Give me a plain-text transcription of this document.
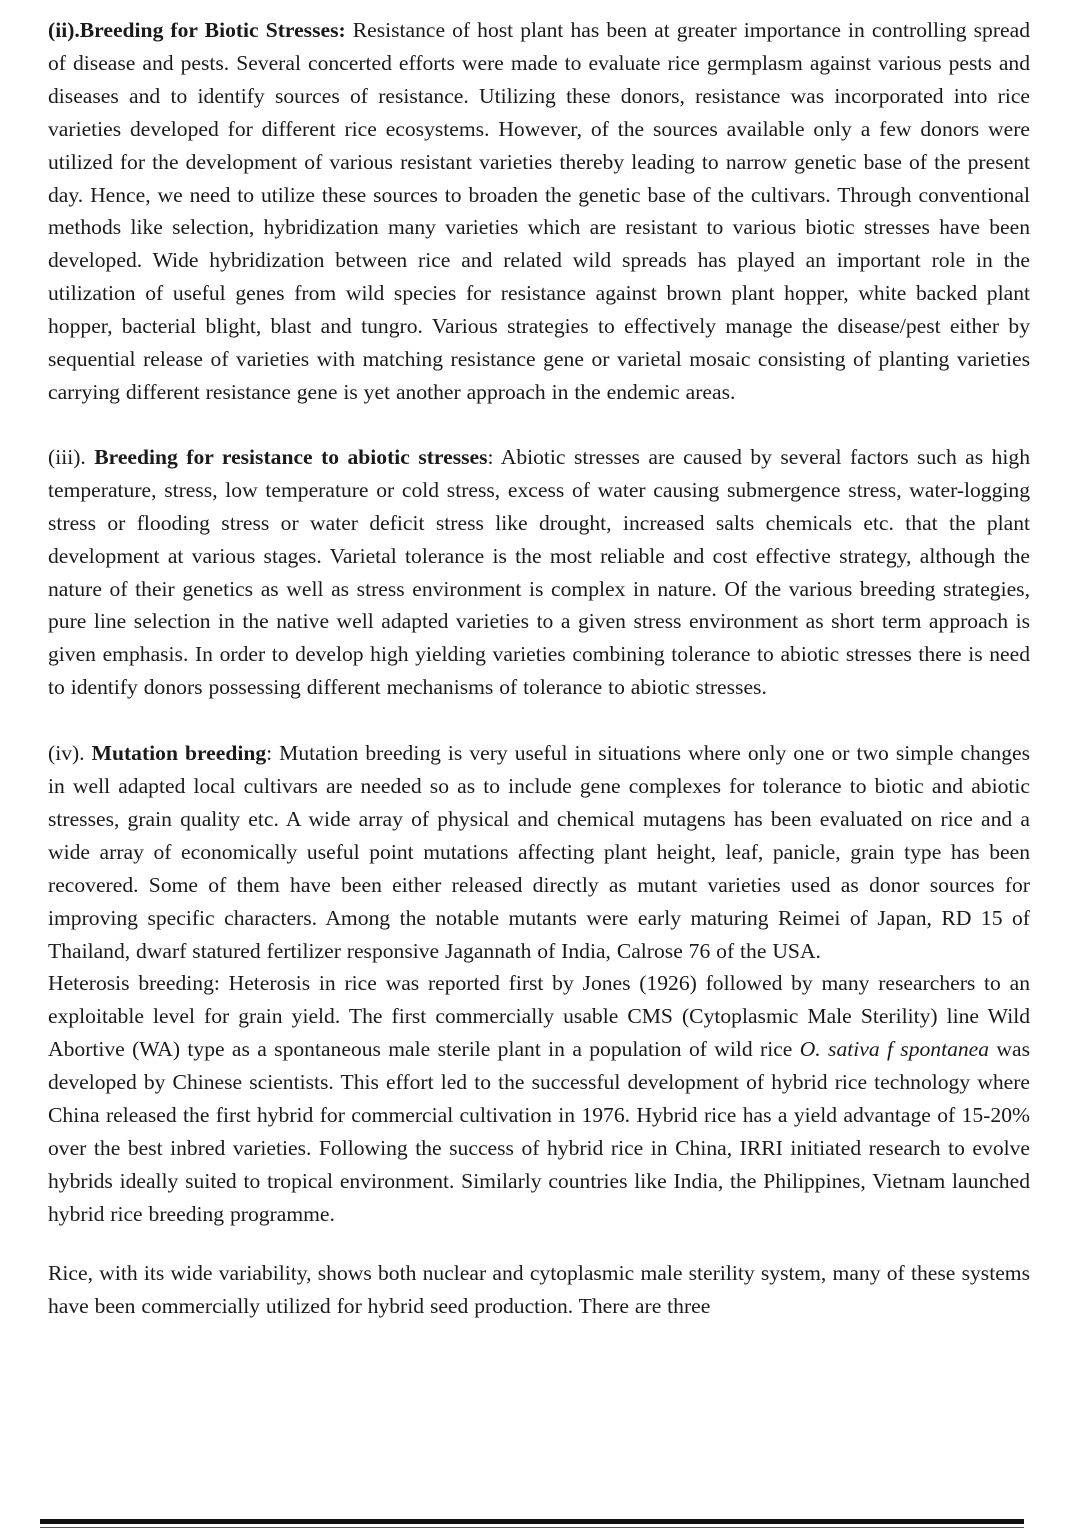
(ii).Breeding for Biotic Stresses: Resistance of host plant has been at greater importance in controlling spread of disease and pests. Several concerted efforts were made to evaluate rice germplasm against various pests and diseases and to identify sources of resistance. Utilizing these donors, resistance was incorporated into rice varieties developed for different rice ecosystems. However, of the sources available only a few donors were utilized for the development of various resistant varieties thereby leading to narrow genetic base of the present day. Hence, we need to utilize these sources to broaden the genetic base of the cultivars. Through conventional methods like selection, hybridization many varieties which are resistant to various biotic stresses have been developed. Wide hybridization between rice and related wild spreads has played an important role in the utilization of useful genes from wild species for resistance against brown plant hopper, white backed plant hopper, bacterial blight, blast and tungro. Various strategies to effectively manage the disease/pest either by sequential release of varieties with matching resistance gene or varietal mosaic consisting of planting varieties carrying different resistance gene is yet another approach in the endemic areas.

(iii). Breeding for resistance to abiotic stresses: Abiotic stresses are caused by several factors such as high temperature, stress, low temperature or cold stress, excess of water causing submergence stress, water-logging stress or flooding stress or water deficit stress like drought, increased salts chemicals etc. that the plant development at various stages. Varietal tolerance is the most reliable and cost effective strategy, although the nature of their genetics as well as stress environment is complex in nature. Of the various breeding strategies, pure line selection in the native well adapted varieties to a given stress environment as short term approach is given emphasis. In order to develop high yielding varieties combining tolerance to abiotic stresses there is need to identify donors possessing different mechanisms of tolerance to abiotic stresses.

(iv). Mutation breeding: Mutation breeding is very useful in situations where only one or two simple changes in well adapted local cultivars are needed so as to include gene complexes for tolerance to biotic and abiotic stresses, grain quality etc. A wide array of physical and chemical mutagens has been evaluated on rice and a wide array of economically useful point mutations affecting plant height, leaf, panicle, grain type has been recovered. Some of them have been either released directly as mutant varieties used as donor sources for improving specific characters. Among the notable mutants were early maturing Reimei of Japan, RD 15 of Thailand, dwarf statured fertilizer responsive Jagannath of India, Calrose 76 of the USA.

Heterosis breeding: Heterosis in rice was reported first by Jones (1926) followed by many researchers to an exploitable level for grain yield. The first commercially usable CMS (Cytoplasmic Male Sterility) line Wild Abortive (WA) type as a spontaneous male sterile plant in a population of wild rice O. sativa f spontanea was developed by Chinese scientists. This effort led to the successful development of hybrid rice technology where China released the first hybrid for commercial cultivation in 1976. Hybrid rice has a yield advantage of 15-20% over the best inbred varieties. Following the success of hybrid rice in China, IRRI initiated research to evolve hybrids ideally suited to tropical environment. Similarly countries like India, the Philippines, Vietnam launched hybrid rice breeding programme.

Rice, with its wide variability, shows both nuclear and cytoplasmic male sterility system, many of these systems have been commercially utilized for hybrid seed production. There are three
